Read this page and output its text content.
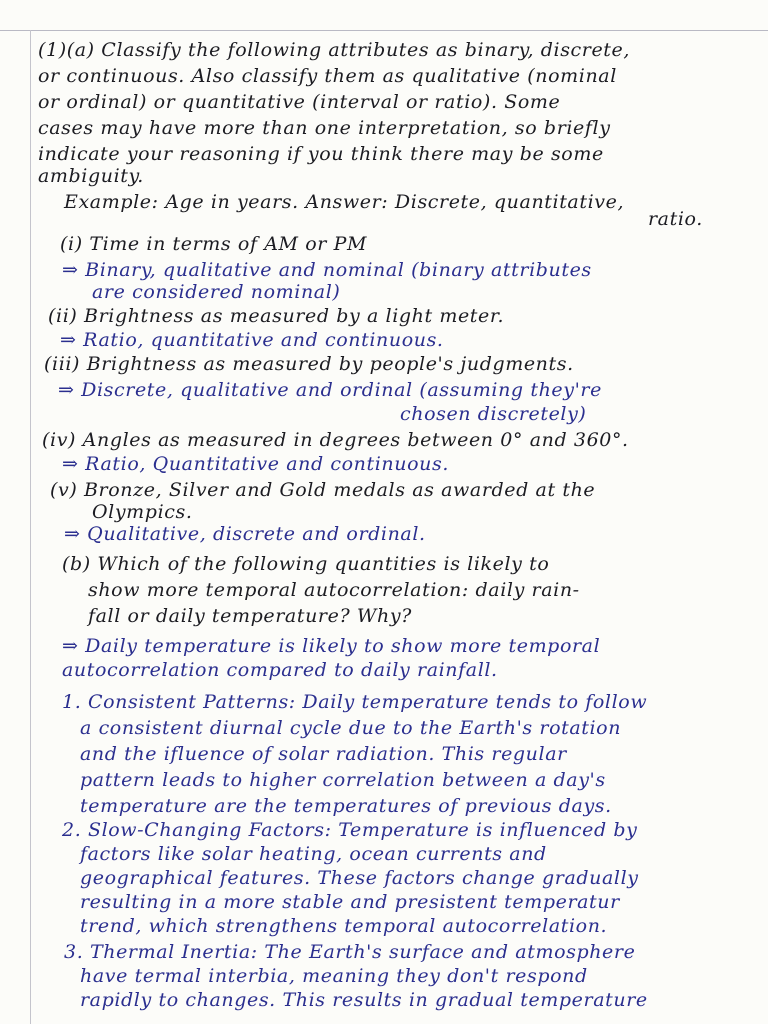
(1)(a) Classify the following attributes as binary, discrete,
or continuous. Also classify them as qualitative (nominal
or ordinal) or quantitative (interval or ratio). Some
cases may have more than one interpretation, so briefly
indicate your reasoning if you think there may be some
ambiguity.
Example: Age in years. Answer: Discrete, quantitative,
ratio.
(i) Time in terms of AM or PM
⇒ Binary, qualitative and nominal (binary attributes
are considered nominal)
(ii) Brightness as measured by a light meter.
⇒ Ratio, quantitative and continuous.
(iii) Brightness as measured by people's judgments.
⇒ Discrete, qualitative and ordinal (assuming they're
chosen discretely)
(iv) Angles as measured in degrees between 0° and 360°.
⇒ Ratio, Quantitative and continuous.
(v) Bronze, Silver and Gold medals as awarded at the
Olympics.
⇒ Qualitative, discrete and ordinal.
(b) Which of the following quantities is likely to
show more temporal autocorrelation: daily rain-
fall or daily temperature? Why?
⇒ Daily temperature is likely to show more temporal
autocorrelation compared to daily rainfall.
1. Consistent Patterns: Daily temperature tends to follow
a consistent diurnal cycle due to the Earth's rotation
and the ifluence of solar radiation. This regular
pattern leads to higher correlation between a day's
temperature are the temperatures of previous days.
2. Slow-Changing Factors: Temperature is influenced by
factors like solar heating, ocean currents and
geographical features. These factors change gradually
resulting in a more stable and presistent temperatur
trend, which strengthens temporal autocorrelation.
3. Thermal Inertia: The Earth's surface and atmosphere
have termal interbia, meaning they don't respond
rapidly to changes. This results in gradual temperature
